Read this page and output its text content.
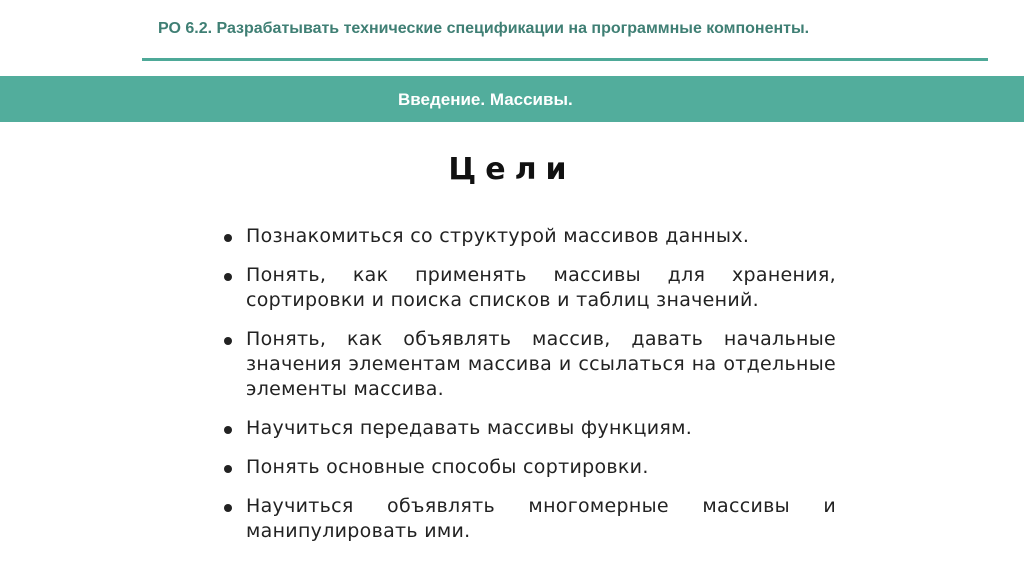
РО 6.2. Разрабатывать технические спецификации на программные компоненты.
Введение. Массивы.
Цели
Познакомиться со структурой массивов данных.
Понять, как применять массивы для хранения, сортировки и поиска списков и таблиц значений.
Понять, как объявлять массив, давать начальные значения элементам массива и ссылаться на отдельные элементы массива.
Научиться передавать массивы функциям.
Понять основные способы сортировки.
Научиться объявлять многомерные массивы и манипулировать ими.
